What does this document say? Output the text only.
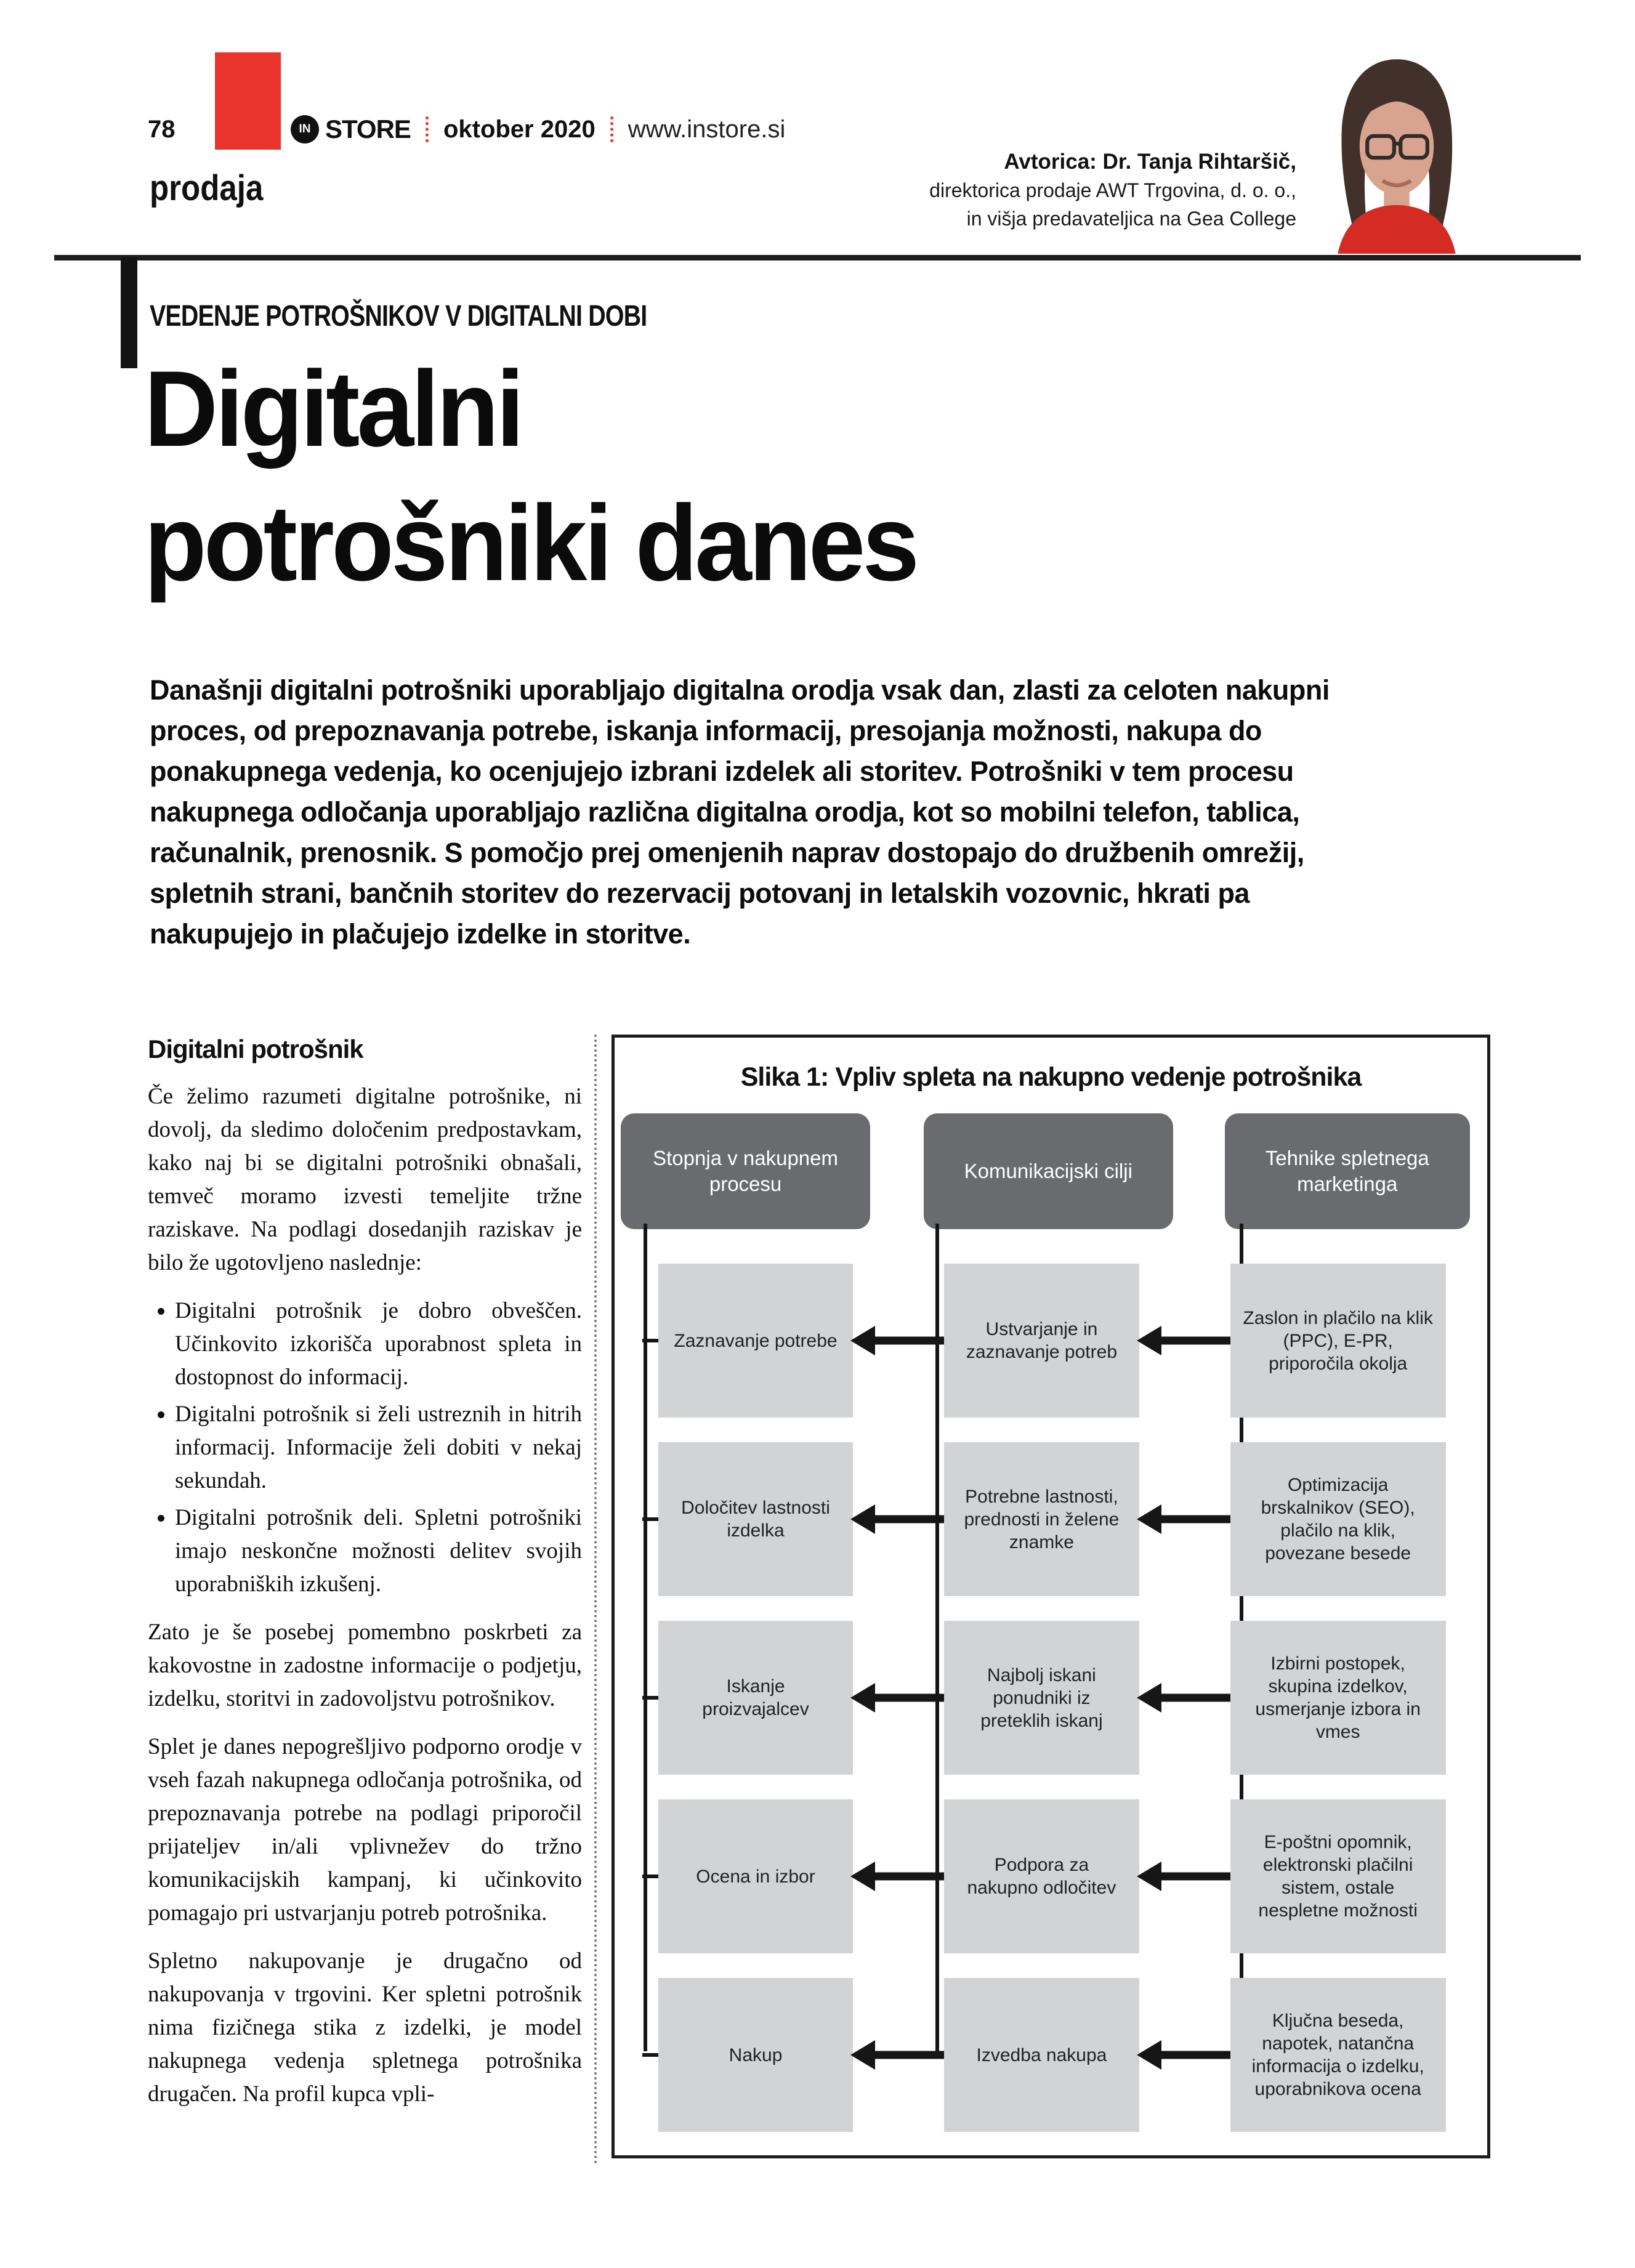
78	IN STORE oktober 2020 www.instore.si
prodaja
Avtorica: Dr. Tanja Rihtaršič,
direktorica prodaje AWT Trgovina, d. o. o.,
in višja predavateljica na Gea College
VEDENJE POTROŠNIKOV V DIGITALNI DOBI
Digitalni
potrošniki danes
Današnji digitalni potrošniki uporabljajo digitalna orodja vsak dan, zlasti za celoten nakupni proces, od prepoznavanja potrebe, iskanja informacij, presojanja možnosti, nakupa do ponakupnega vedenja, ko ocenjujejo izbrani izdelek ali storitev. Potrošniki v tem procesu nakupnega odločanja uporabljajo različna digitalna orodja, kot so mobilni telefon, tablica, računalnik, prenosnik. S pomočjo prej omenjenih naprav dostopajo do družbenih omrežij, spletnih strani, bančnih storitev do rezervacij potovanj in letalskih vozovnic, hkrati pa nakupujejo in plačujejo izdelke in storitve.
Digitalni potrošnik

Če želimo razumeti digitalne potrošnike, ni dovolj, da sledimo določenim predpostavkam, kako naj bi se digitalni potrošniki obnašali, temveč moramo izvesti temeljite tržne raziskave. Na podlagi dosedanjih raziskav je bilo že ugotovljeno naslednje:

• Digitalni potrošnik je dobro obveščen. Učinkovito izkorišča uporabnost spleta in dostopnost do informacij.
• Digitalni potrošnik si želi ustreznih in hitrih informacij. Informacije želi dobiti v nekaj sekundah.
• Digitalni potrošnik deli. Spletni potrošniki imajo neskončne možnosti delitev svojih uporabniških izkušenj.

Zato je še posebej pomembno poskrbeti za kakovostne in zadostne informacije o podjetju, izdelku, storitvi in zadovoljstvu potrošnikov.

Splet je danes nepogrešljivo podporno orodje v vseh fazah nakupnega odločanja potrošnika, od prepoznavanja potrebe na podlagi priporočil prijateljev in/ali vplivnežev do tržno komunikacijskih kampanj, ki učinkovito pomagajo pri ustvarjanju potreb potrošnika.

Spletno nakupovanje je drugačno od nakupovanja v trgovini. Ker spletni potrošnik nima fizičnega stika z izdelki, je model nakupnega vedenja spletnega potrošnika drugačen. Na profil kupca vpli-

Slika 1: Vpliv spleta na nakupno vedenje potrošnika
Stopnja v nakupnem procesu
Komunikacijski cilji
Tehnike spletnega marketinga
Zaznavanje potrebe
Ustvarjanje in zaznavanje potreb
Zaslon in plačilo na klik (PPC), E-PR, priporočila okolja
Določitev lastnosti izdelka
Potrebne lastnosti, prednosti in želene znamke
Optimizacija brskalnikov (SEO), plačilo na klik, povezane besede
Iskanje proizvajalcev
Najbolj iskani ponudniki iz preteklih iskanj
Izbirni postopek, skupina izdelkov, usmerjanje izbora in vmes
Ocena in izbor
Podpora za nakupno odločitev
E-poštni opomnik, elektronski plačilni sistem, ostale nespletne možnosti
Nakup	Izvedba nakupa
Ključna beseda, napotek, natančna informacija o izdelku, uporabnikova ocena
